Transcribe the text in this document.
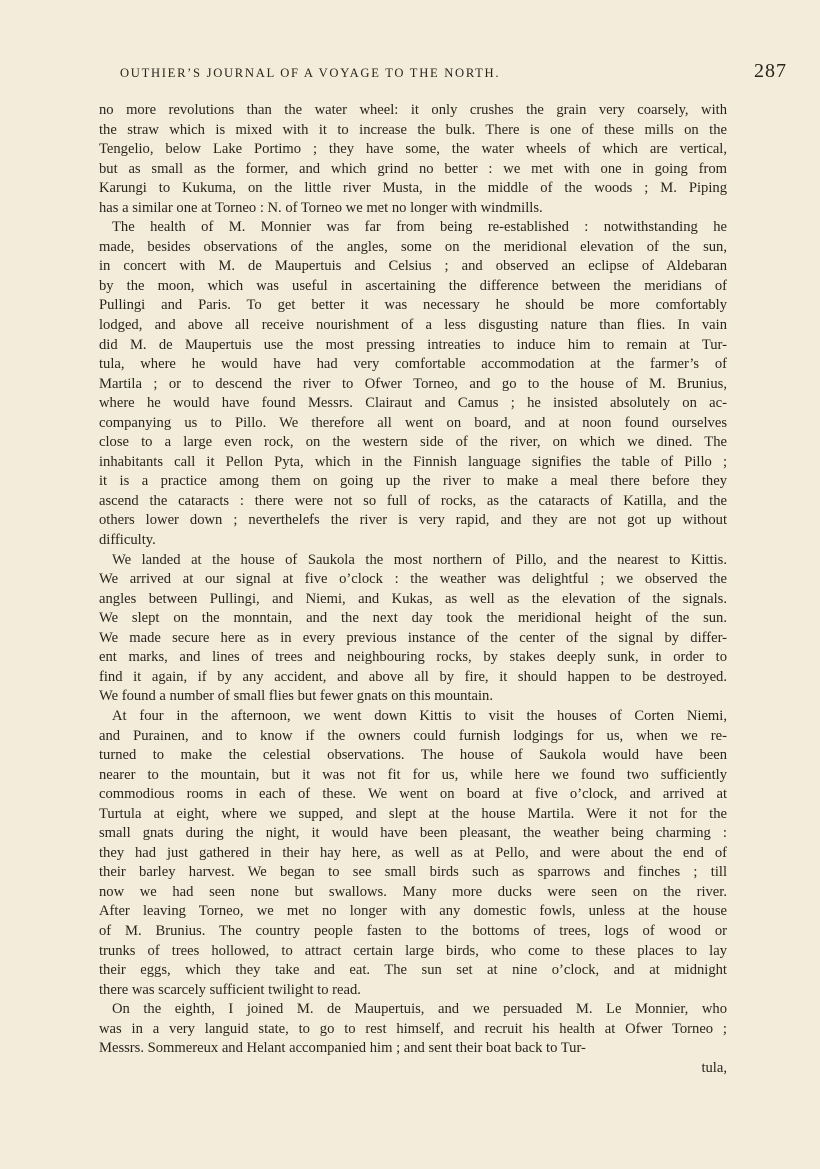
OUTHIER’S JOURNAL OF A VOYAGE TO THE NORTH.	287
no more revolutions than the water wheel: it only crushes the grain very coarsely, with
the straw which is mixed with it to increase the bulk. There is one of these mills on the
Tengelio, below Lake Portimo ; they have some, the water wheels of which are vertical,
but as small as the former, and which grind no better : we met with one in going from
Karungi to Kukuma, on the little river Musta, in the middle of the woods ; M. Piping
has a similar one at Torneo : N. of Torneo we met no longer with windmills.
The health of M. Monnier was far from being re-established : notwithstanding he
made, besides observations of the angles, some on the meridional elevation of the sun,
in concert with M. de Maupertuis and Celsius ; and observed an eclipse of Aldebaran
by the moon, which was useful in ascertaining the difference between the meridians of
Pullingi and Paris. To get better it was necessary he should be more comfortably
lodged, and above all receive nourishment of a less disgusting nature than flies. In vain
did M. de Maupertuis use the most pressing intreaties to induce him to remain at Tur-
tula, where he would have had very comfortable accommodation at the farmer’s of
Martila ; or to descend the river to Ofwer Torneo, and go to the house of M. Brunius,
where he would have found Messrs. Clairaut and Camus ; he insisted absolutely on ac-
companying us to Pillo. We therefore all went on board, and at noon found ourselves
close to a large even rock, on the western side of the river, on which we dined. The
inhabitants call it Pellon Pyta, which in the Finnish language signifies the table of Pillo ;
it is a practice among them on going up the river to make a meal there before they
ascend the cataracts : there were not so full of rocks, as the cataracts of Katilla, and the
others lower down ; neverthelefs the river is very rapid, and they are not got up without
difficulty.
We landed at the house of Saukola the most northern of Pillo, and the nearest to Kittis.
We arrived at our signal at five o’clock : the weather was delightful ; we observed the
angles between Pullingi, and Niemi, and Kukas, as well as the elevation of the signals.
We slept on the monntain, and the next day took the meridional height of the sun.
We made secure here as in every previous instance of the center of the signal by differ-
ent marks, and lines of trees and neighbouring rocks, by stakes deeply sunk, in order to
find it again, if by any accident, and above all by fire, it should happen to be destroyed.
We found a number of small flies but fewer gnats on this mountain.
At four in the afternoon, we went down Kittis to visit the houses of Corten Niemi,
and Purainen, and to know if the owners could furnish lodgings for us, when we re-
turned to make the celestial observations. The house of Saukola would have been
nearer to the mountain, but it was not fit for us, while here we found two sufficiently
commodious rooms in each of these. We went on board at five o’clock, and arrived at
Turtula at eight, where we supped, and slept at the house Martila. Were it not for the
small gnats during the night, it would have been pleasant, the weather being charming :
they had just gathered in their hay here, as well as at Pello, and were about the end of
their barley harvest. We began to see small birds such as sparrows and finches ; till
now we had seen none but swallows. Many more ducks were seen on the river.
After leaving Torneo, we met no longer with any domestic fowls, unless at the house
of M. Brunius. The country people fasten to the bottoms of trees, logs of wood or
trunks of trees hollowed, to attract certain large birds, who come to these places to lay
their eggs, which they take and eat. The sun set at nine o’clock, and at midnight
there was scarcely sufficient twilight to read.
On the eighth, I joined M. de Maupertuis, and we persuaded M. Le Monnier, who
was in a very languid state, to go to rest himself, and recruit his health at Ofwer Torneo ;
Messrs. Sommereux and Helant accompanied him ; and sent their boat back to Tur-
tula,
